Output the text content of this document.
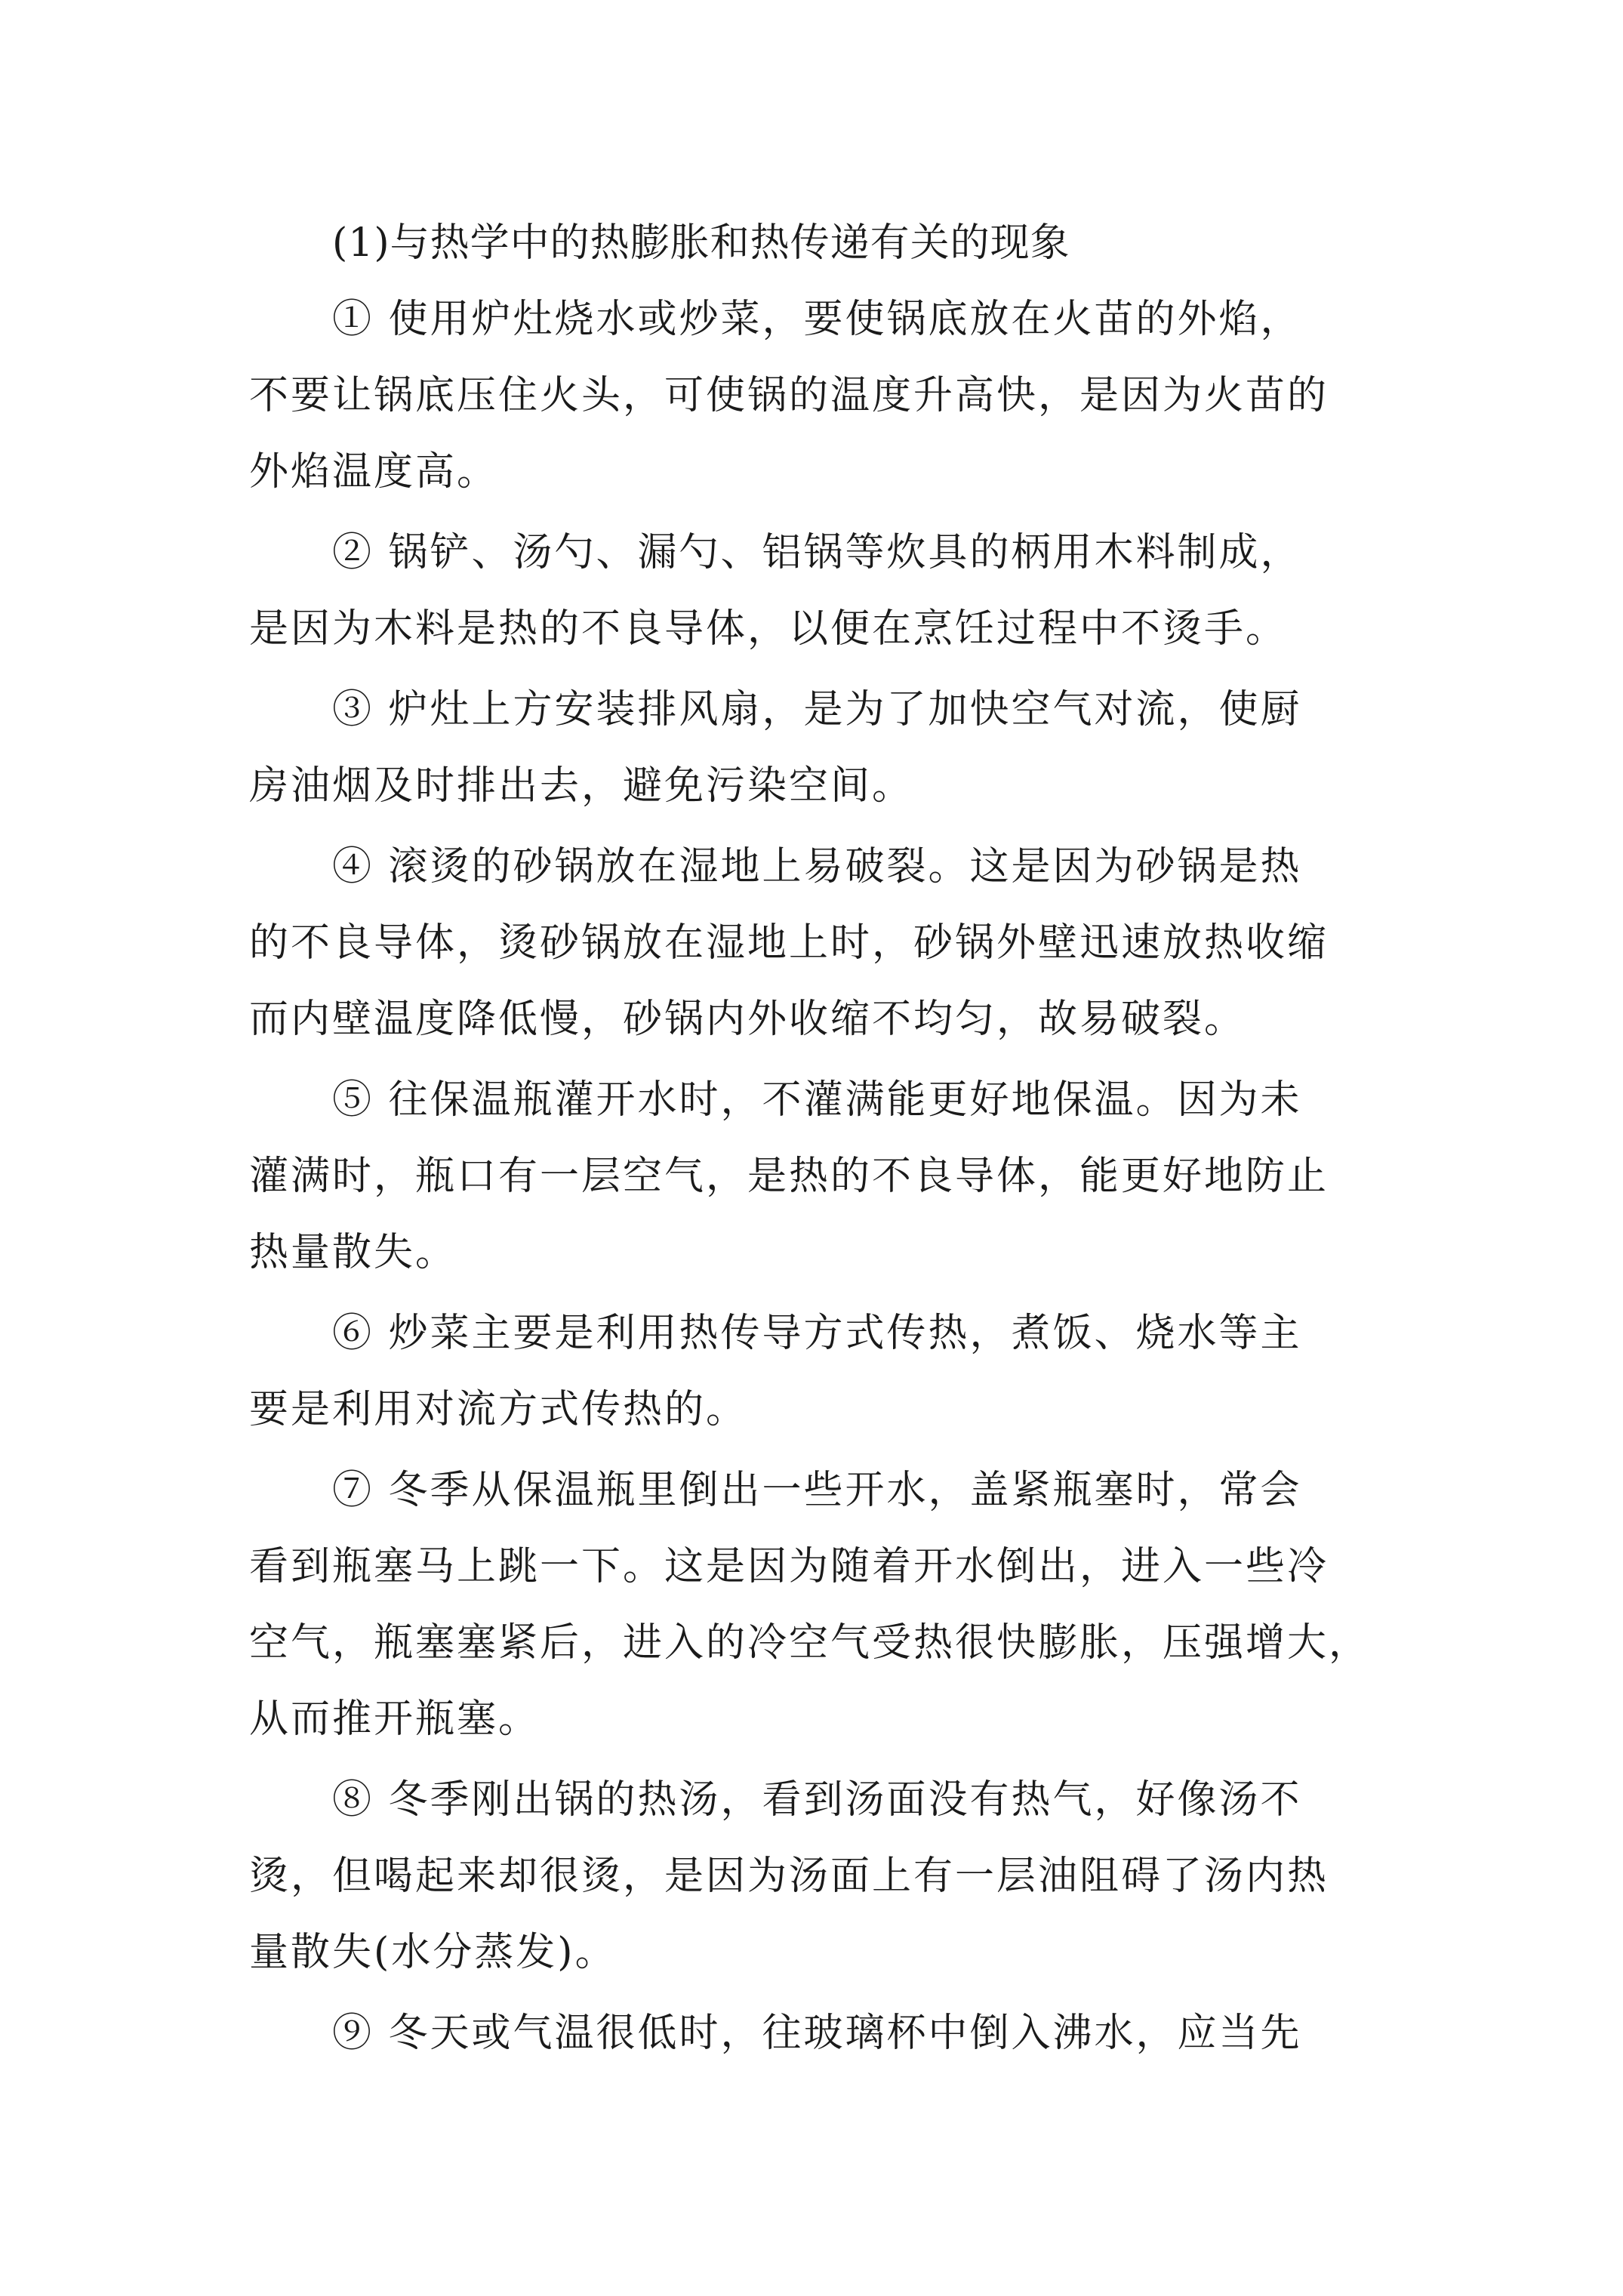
(1)与热学中的热膨胀和热传递有关的现象
① 使用炉灶烧水或炒菜，要使锅底放在火苗的外焰，
不要让锅底压住火头，可使锅的温度升高快，是因为火苗的
外焰温度高。
② 锅铲、汤勺、漏勺、铝锅等炊具的柄用木料制成，
是因为木料是热的不良导体，以便在烹饪过程中不烫手。
③ 炉灶上方安装排风扇，是为了加快空气对流，使厨
房油烟及时排出去，避免污染空间。
④ 滚烫的砂锅放在湿地上易破裂。这是因为砂锅是热
的不良导体，烫砂锅放在湿地上时，砂锅外壁迅速放热收缩
而内壁温度降低慢，砂锅内外收缩不均匀，故易破裂。
⑤ 往保温瓶灌开水时，不灌满能更好地保温。因为未
灌满时，瓶口有一层空气，是热的不良导体，能更好地防止
热量散失。
⑥ 炒菜主要是利用热传导方式传热，煮饭、烧水等主
要是利用对流方式传热的。
⑦ 冬季从保温瓶里倒出一些开水，盖紧瓶塞时，常会
看到瓶塞马上跳一下。这是因为随着开水倒出，进入一些冷
空气，瓶塞塞紧后，进入的冷空气受热很快膨胀，压强增大，
从而推开瓶塞。
⑧ 冬季刚出锅的热汤，看到汤面没有热气，好像汤不
烫，但喝起来却很烫，是因为汤面上有一层油阻碍了汤内热
量散失(水分蒸发)。
⑨ 冬天或气温很低时，往玻璃杯中倒入沸水，应当先
